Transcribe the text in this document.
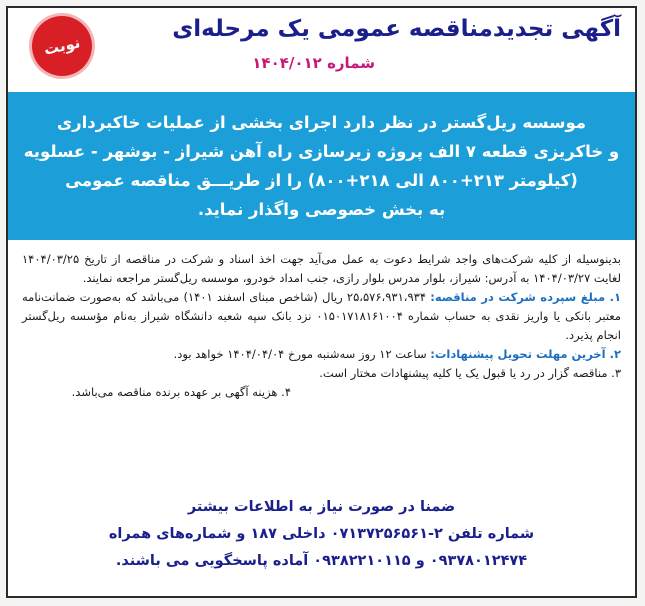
آگهی تجدیدمناقصه عمومی یک مرحله‌ای
شماره ۱۴۰۴/۰۱۲
نوبت

موسسه ریل‌گستر در نظر دارد اجرای بخشی از عملیات خاکبرداری

و خاکریزی قطعه ۷ الف پروژه زیرسازی راه آهن شیراز - بوشهر - عسلویه

(کیلومتر ۲۱۳+۸۰۰ الی ۲۱۸+۸۰۰) را از طریـــق مناقصه عمومی

به بخش خصوصی واگذار نماید.

بدینوسیله از کلیه شرکت‌های واجد شرایط دعوت به عمل می‌آید جهت اخذ اسناد و شرکت در مناقصه از تاریخ ۱۴۰۴/۰۳/۲۵ لغایت ۱۴۰۴/۰۳/۲۷ به آدرس: شیراز، بلوار مدرس بلوار رازی، جنب امداد خودرو، موسسه ریل‌گستر مراجعه نمایند.

۱. مبلغ سپرده شرکت در مناقصه: ۲۵،۵۷۶،۹۳۱،۹۳۴ ریال (شاخص مبنای اسفند ۱۴۰۱) می‌باشد که به‌صورت ضمانت‌نامه معتبر بانکی یا واریز نقدی به حساب شماره ۰۱۵۰۱۷۱۸۱۶۱۰۰۴ نزد بانک سپه شعبه دانشگاه شیراز به‌نام مؤسسه ریل‌گستر انجام پذیرد.

۲. آخرین مهلت تحویل پیشنهادات: ساعت ۱۲ روز سه‌شنبه مورخ ۱۴۰۴/۰۴/۰۴ خواهد بود.

۳. مناقصه گزار در رد یا قبول یک یا کلیه پیشنهادات مختار است.

۴. هزینه آگهی بر عهده برنده مناقصه می‌باشد.

ضمنا در صورت نیاز به اطلاعات بیشتر

شماره تلفن ۲-۰۷۱۳۷۲۵۶۵۶۱ داخلی ۱۸۷ و شماره‌های همراه

۰۹۳۷۸۰۱۲۴۷۴ و ۰۹۳۸۲۲۱۰۱۱۵ آماده پاسخگویی می باشند.
